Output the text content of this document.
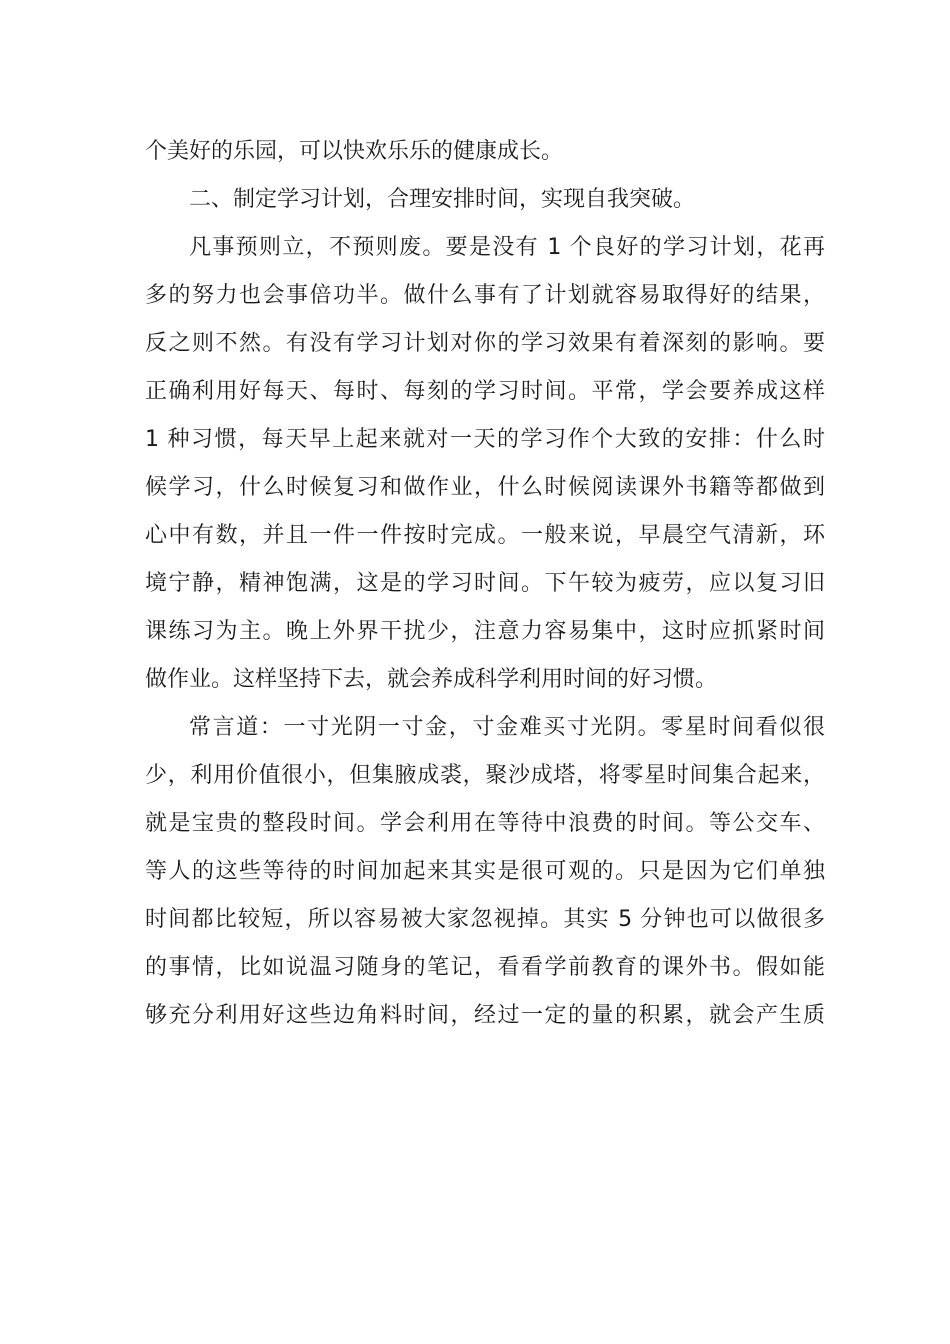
个美好的乐园，可以快欢乐乐的健康成长。

二、制定学习计划，合理安排时间，实现自我突破。

凡事预则立，不预则废。要是没有 1 个良好的学习计划，花再

多的努力也会事倍功半。做什么事有了计划就容易取得好的结果，

反之则不然。有没有学习计划对你的学习效果有着深刻的影响。要

正确利用好每天、每时、每刻的学习时间。平常，学会要养成这样

1 种习惯，每天早上起来就对一天的学习作个大致的安排：什么时

候学习，什么时候复习和做作业，什么时候阅读课外书籍等都做到

心中有数，并且一件一件按时完成。一般来说，早晨空气清新，环

境宁静，精神饱满，这是的学习时间。下午较为疲劳，应以复习旧

课练习为主。晚上外界干扰少，注意力容易集中，这时应抓紧时间

做作业。这样坚持下去，就会养成科学利用时间的好习惯。

常言道：一寸光阴一寸金，寸金难买寸光阴。零星时间看似很

少，利用价值很小，但集腋成裘，聚沙成塔，将零星时间集合起来，

就是宝贵的整段时间。学会利用在等待中浪费的时间。等公交车、

等人的这些等待的时间加起来其实是很可观的。只是因为它们单独

时间都比较短，所以容易被大家忽视掉。其实 5 分钟也可以做很多

的事情，比如说温习随身的笔记，看看学前教育的课外书。假如能

够充分利用好这些边角料时间，经过一定的量的积累，就会产生质
